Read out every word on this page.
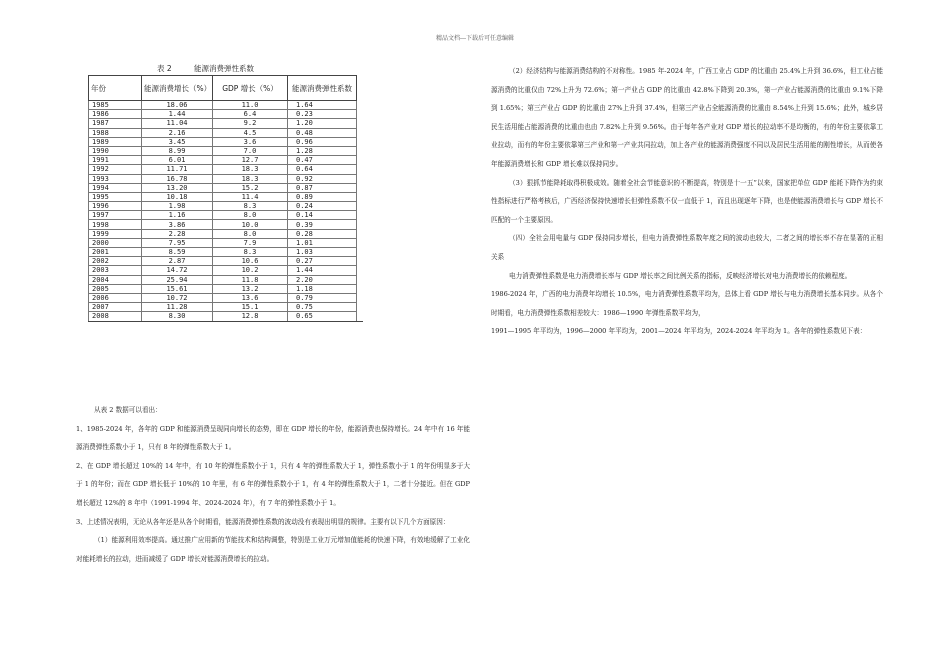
精品文档---下载后可任意编辑
表 2	能源消费弹性系数
年份	能源消费增长（%）	GDP 增长（%）	能源消费弹性系数	
1985	18.06	11.0	1.64	
1986	1.44	6.4	0.23	
1987	11.04	9.2	1.20	
1988	2.16	4.5	0.48	
1989	3.45	3.6	0.96	
1990	8.99	7.0	1.28	
1991	6.01	12.7	0.47	
1992	11.71	18.3	0.64	
1993	16.78	18.3	0.92	
1994	13.20	15.2	0.87	
1995	10.18	11.4	0.89	
1996	1.98	8.3	0.24	
1997	1.16	8.0	0.14	
1998	3.86	10.0	0.39	
1999	2.28	8.0	0.28	
2000	7.95	7.9	1.01	
2001	8.59	8.3	1.03	
2002	2.87	10.6	0.27	
2003	14.72	10.2	1.44	
2004	25.94	11.8	2.20	
2005	15.61	13.2	1.18	
2006	10.72	13.6	0.79	
2007	11.28	15.1	0.75	
2008	8.30	12.8	0.65	

从表 2 数据可以看出：

1、1985-2024 年，各年的 GDP 和能源消费呈现同向增长的态势，即在 GDP 增长的年份，能源消费也保持增长。24 年中有 16 年能源消费弹性系数小于 1，只有 8 年的弹性系数大于 1。

2、在 GDP 增长超过 10%的 14 年中，有 10 年的弹性系数小于 1，只有 4 年的弹性系数大于 1，弹性系数小于 1 的年份明显多于大于 1 的年份；而在 GDP 增长低于 10%的 10 年里，有 6 年的弹性系数小于 1，有 4 年的弹性系数大于 1，二者十分接近。但在 GDP 增长超过 12%的 8 年中（1991-1994 年、2024-2024 年），有 7 年的弹性系数小于 1。

3、上述情况表明，无论从各年还是从各个时期看，能源消费弹性系数的波动没有表现出明显的规律。主要有以下几个方面原因：

（1）能源利用效率提高。通过推广应用新的节能技术和结构调整，特别是工业万元增加值能耗的快速下降，有效地缓解了工业化对能耗增长的拉动，进而减缓了 GDP 增长对能源消费增长的拉动。

（2）经济结构与能源消费结构的不对称性。1985 年-2024 年，广西工业占 GDP 的比重由 25.4%上升到 36.6%，但工业占能源消费的比重仅由 72%上升为 72.6%；第一产业占 GDP 的比重由 42.8%下降到 20.3%，第一产业占能源消费的比重由 9.1%下降到 1.65%；第三产业占 GDP 的比重由 27%上升到 37.4%，但第三产业占全能源消费的比重由 8.54%上升到 15.6%；此外，城乡居民生活用能占能源消费的比重由也由 7.82%上升到 9.56%。由于每年各产业对 GDP 增长的拉动率不是均衡的，有的年份主要依靠工业拉动，而有的年份主要依靠第三产业和第一产业共同拉动，加上各产业的能源消费强度不同以及居民生活用能的刚性增长，从而使各年能源消费增长和 GDP 增长难以保持同步。

（3）狠抓节能降耗取得积极成效。随着全社会节能意识的不断提高，特别是十一五”以来，国家把单位 GDP 能耗下降作为约束性指标进行严格考核后，广西经济保持快速增长但弹性系数不仅一直低于 1，而且出现逐年下降，也是使能源消费增长与 GDP 增长不匹配的一个主要原因。

（四）全社会用电量与 GDP 保持同步增长，但电力消费弹性系数年度之间的波动也较大，二者之间的增长率不存在显著的正相关系

电力消费弹性系数是电力消费增长率与 GDP 增长率之间比例关系的指标，反映经济增长对电力消费增长的依赖程度。

1986-2024 年，广西的电力消费年均增长 10.5%，电力消费弹性系数平均为，总体上看 GDP 增长与电力消费增长基本同步。从各个时期看，电力消费弹性系数相差较大：1986—1990 年弹性系数平均为，

1991—1995 年平均为，1996—2000 年平均为，2001—2024 年平均为，2024-2024 年平均为 1。各年的弹性系数见下表：
